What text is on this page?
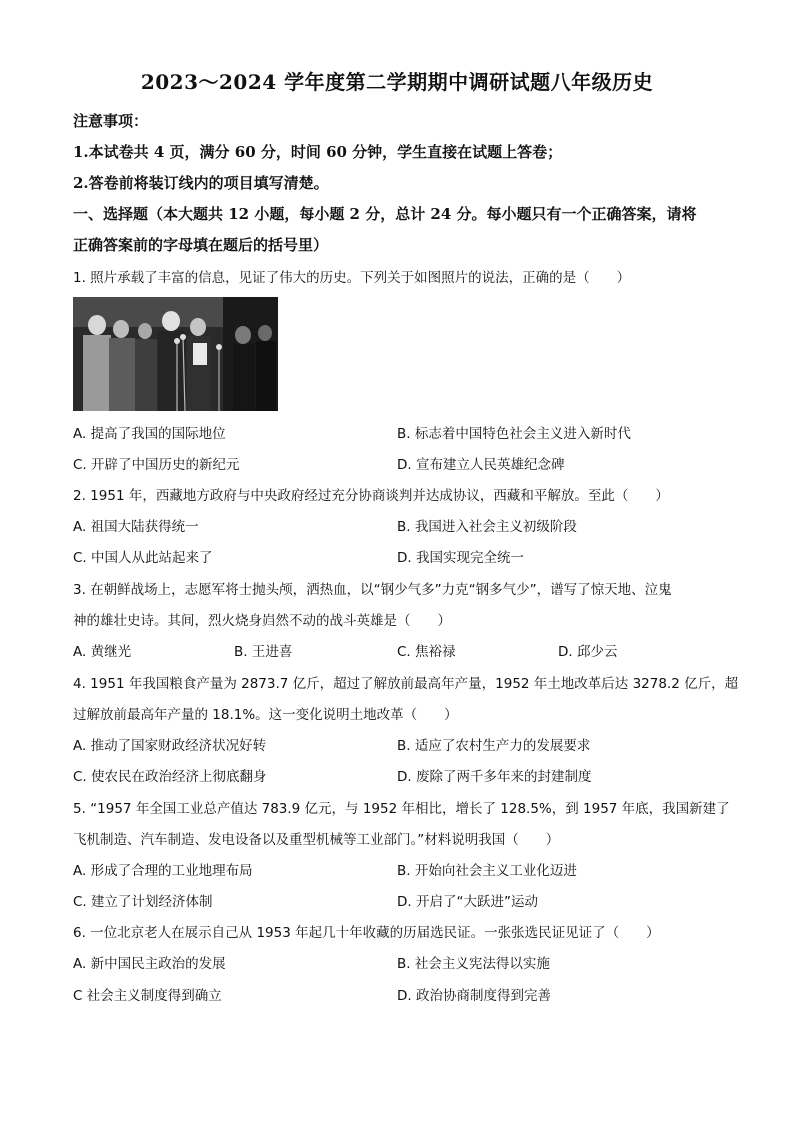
2023～2024 学年度第二学期期中调研试题八年级历史
注意事项：
1.本试卷共 4 页，满分 60 分，时间 60 分钟，学生直接在试题上答卷；
2.答卷前将装订线内的项目填写清楚。
一、选择题（本大题共 12 小题，每小题 2 分，总计 24 分。每小题只有一个正确答案，请将
正确答案前的字母填在题后的括号里）
1. 照片承载了丰富的信息，见证了伟大的历史。下列关于如图照片的说法，正确的是（　　）
A. 提高了我国的国际地位	B. 标志着中国特色社会主义进入新时代
C. 开辟了中国历史的新纪元	D. 宣布建立人民英雄纪念碑
2. 1951 年，西藏地方政府与中央政府经过充分协商谈判并达成协议，西藏和平解放。至此（　　）
A. 祖国大陆获得统一	B. 我国进入社会主义初级阶段
C. 中国人从此站起来了	D. 我国实现完全统一
3. 在朝鲜战场上，志愿军将士抛头颅，洒热血，以“钢少气多”力克“钢多气少”，谱写了惊天地、泣鬼
神的雄壮史诗。其间，烈火烧身岿然不动的战斗英雄是（　　）
A. 黄继光	B. 王进喜	C. 焦裕禄	D. 邱少云
4. 1951 年我国粮食产量为 2873.7 亿斤，超过了解放前最高年产量，1952 年土地改革后达 3278.2 亿斤，超
过解放前最高年产量的 18.1%。这一变化说明土地改革（　　）
A. 推动了国家财政经济状况好转	B. 适应了农村生产力的发展要求
C. 使农民在政治经济上彻底翻身	D. 废除了两千多年来的封建制度
5. “1957 年全国工业总产值达 783.9 亿元，与 1952 年相比，增长了 128.5%，到 1957 年底，我国新建了
飞机制造、汽车制造、发电设备以及重型机械等工业部门。”材料说明我国（　　）
A. 形成了合理的工业地理布局	B. 开始向社会主义工业化迈进
C. 建立了计划经济体制	D. 开启了“大跃进”运动
6. 一位北京老人在展示自己从 1953 年起几十年收藏的历届选民证。一张张选民证见证了（　　）
A. 新中国民主政治的发展	B. 社会主义宪法得以实施
C 社会主义制度得到确立	D. 政治协商制度得到完善
